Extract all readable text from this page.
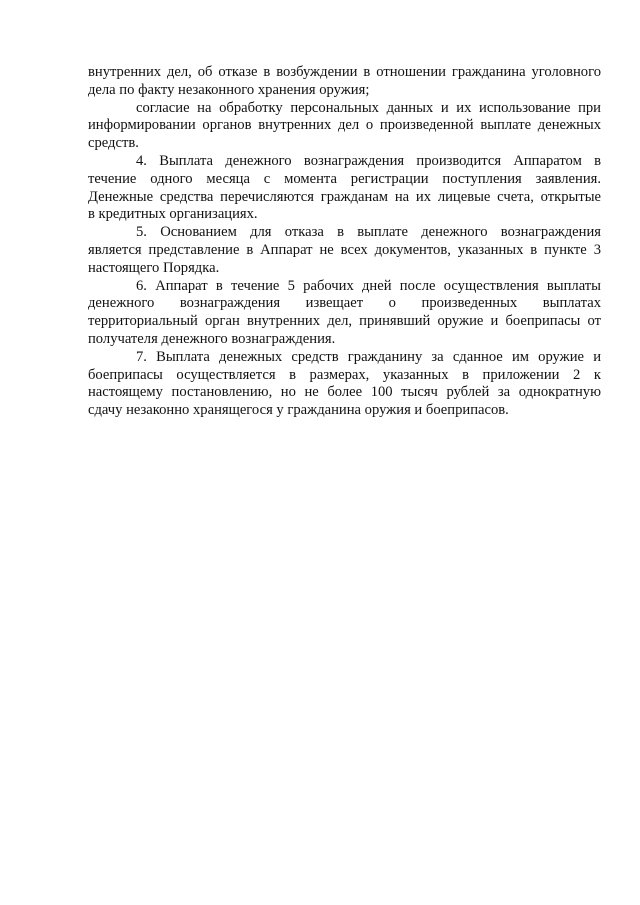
внутренних дел, об отказе в возбуждении в отношении гражданина уголовного
дела по факту незаконного хранения оружия;
согласие на обработку персональных данных и их использование при
информировании органов внутренних дел о произведенной выплате денежных
средств.
4. Выплата денежного вознаграждения производится Аппаратом в
течение одного месяца с момента регистрации поступления заявления.
Денежные средства перечисляются гражданам на их лицевые счета, открытые
в кредитных организациях.
5. Основанием для отказа в выплате денежного вознаграждения
является представление в Аппарат не всех документов, указанных в пункте 3
настоящего Порядка.
6. Аппарат в течение 5 рабочих дней после осуществления выплаты
денежного вознаграждения извещает о произведенных выплатах
территориальный орган внутренних дел, принявший оружие и боеприпасы от
получателя денежного вознаграждения.
7. Выплата денежных средств гражданину за сданное им оружие и
боеприпасы осуществляется в размерах, указанных в приложении 2 к
настоящему постановлению, но не более 100 тысяч рублей за однократную
сдачу незаконно хранящегося у гражданина оружия и боеприпасов.
